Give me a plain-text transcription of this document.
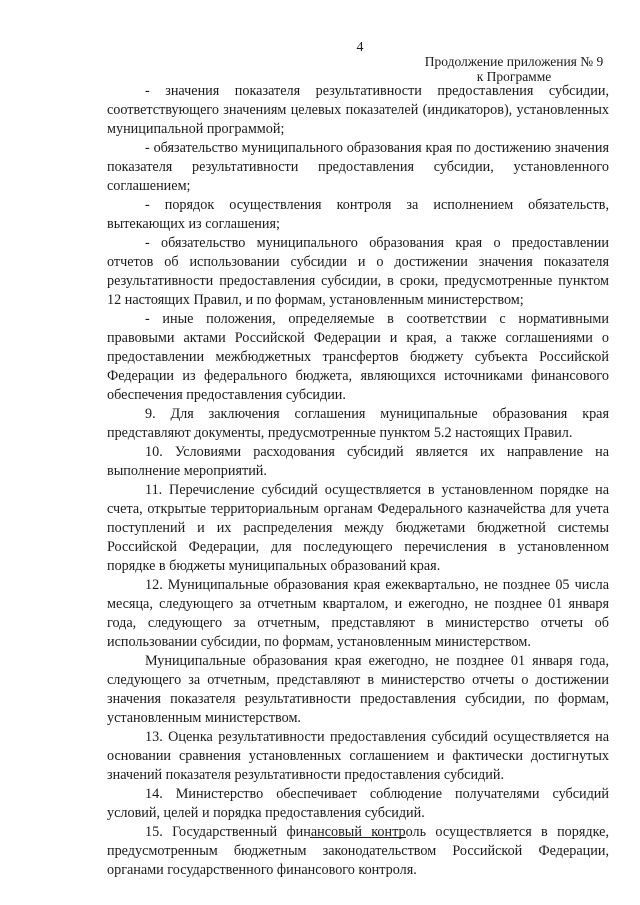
4
Продолжение приложения № 9
к Программе

- значения показателя результативности предоставления субсидии, соответствующего значениям целевых показателей (индикаторов), установленных муниципальной программой;

- обязательство муниципального образования края по достижению значения показателя результативности предоставления субсидии, установленного соглашением;

- порядок осуществления контроля за исполнением обязательств, вытекающих из соглашения;

- обязательство муниципального образования края о предоставлении отчетов об использовании субсидии и о достижении значения показателя результативности предоставления субсидии, в сроки, предусмотренные пунктом 12 настоящих Правил, и по формам, установленным министерством;

- иные положения, определяемые в соответствии с нормативными правовыми актами Российской Федерации и края, а также соглашениями о предоставлении межбюджетных трансфертов бюджету субъекта Российской Федерации из федерального бюджета, являющихся источниками финансового обеспечения предоставления субсидии.

9. Для заключения соглашения муниципальные образования края представляют документы, предусмотренные пунктом 5.2 настоящих Правил.

10. Условиями расходования субсидий является их направление на выполнение мероприятий.

11. Перечисление субсидий осуществляется в установленном порядке на счета, открытые территориальным органам Федерального казначейства для учета поступлений и их распределения между бюджетами бюджетной системы Российской Федерации, для последующего перечисления в установленном порядке в бюджеты муниципальных образований края.

12. Муниципальные образования края ежеквартально, не позднее 05 числа месяца, следующего за отчетным кварталом, и ежегодно, не позднее 01 января года, следующего за отчетным, представляют в министерство отчеты об использовании субсидии, по формам, установленным министерством.

Муниципальные образования края ежегодно, не позднее 01 января года, следующего за отчетным, представляют в министерство отчеты о достижении значения показателя результативности предоставления субсидии, по формам, установленным министерством.

13. Оценка результативности предоставления субсидий осуществляется на основании сравнения установленных соглашением и фактически достигнутых значений показателя результативности предоставления субсидий.

14. Министерство обеспечивает соблюдение получателями субсидий условий, целей и порядка предоставления субсидий.

15. Государственный финансовый контроль осуществляется в порядке, предусмотренным бюджетным законодательством Российской Федерации, органами государственного финансового контроля.
